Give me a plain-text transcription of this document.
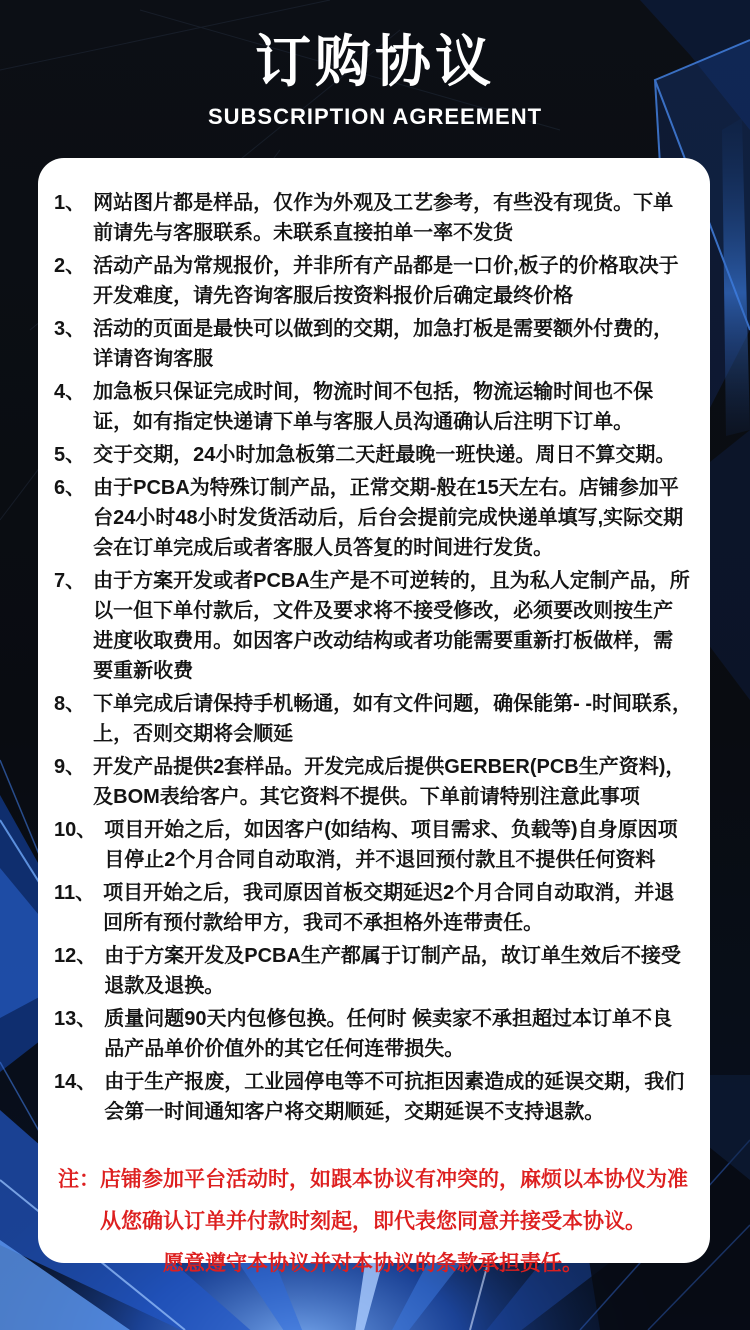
订购协议
SUBSCRIPTION AGREEMENT
1、 网站图片都是样品，仅作为外观及工艺参考，有些没有现货。下单前请先与客服联系。未联系直接拍单一率不发货
2、 活动产品为常规报价，并非所有产品都是一口价,板子的价格取决于开发难度，请先咨询客服后按资料报价后确定最终价格
3、 活动的页面是最快可以做到的交期，加急打板是需要额外付费的，详请咨询客服
4、 加急板只保证完成时间，物流时间不包括，物流运输时间也不保证，如有指定快递请下单与客服人员沟通确认后注明下订单。
5、 交于交期，24小时加急板第二天赶最晚一班快递。周日不算交期。
6、 由于PCBA为特殊订制产品，正常交期-般在15天左右。店铺参加平台24小时48小时发货活动后，后台会提前完成快递单填写,实际交期会在订单完成后或者客服人员答复的时间进行发货。
7、 由于方案开发或者PCBA生产是不可逆转的，且为私人定制产品，所以一但下单付款后，文件及要求将不接受修改，必须要改则按生产进度收取费用。如因客户改动结构或者功能需要重新打板做样，需要重新收费
8、 下单完成后请保持手机畅通，如有文件问题，确保能第- -时间联系，上，否则交期将会顺延
9、 开发产品提供2套样品。开发完成后提供GERBER(PCB生产资料)，及BOM表给客户。其它资料不提供。下单前请特别注意此事项
10、 项目开始之后，如因客户(如结构、项目需求、负载等)自身原因项目停止2个月合同自动取消，并不退回预付款且不提供任何资料
11、 项目开始之后，我司原因首板交期延迟2个月合同自动取消，并退回所有预付款给甲方，我司不承担格外连带责任。
12、 由于方案开发及PCBA生产都属于订制产品，故订单生效后不接受退款及退换。
13、 质量问题90天内包修包换。任何时 候卖家不承担超过本订单不良品产品单价价值外的其它任何连带损失。
14、 由于生产报废，工业园停电等不可抗拒因素造成的延误交期，我们会第一时间通知客户将交期顺延，交期延误不支持退款。

注：店铺参加平台活动时，如跟本协议有冲突的，麻烦以本协仪为准

从您确认订单并付款时刻起，即代表您同意并接受本协议。

愿意遵守本协议并对本协议的条款承担责任。
